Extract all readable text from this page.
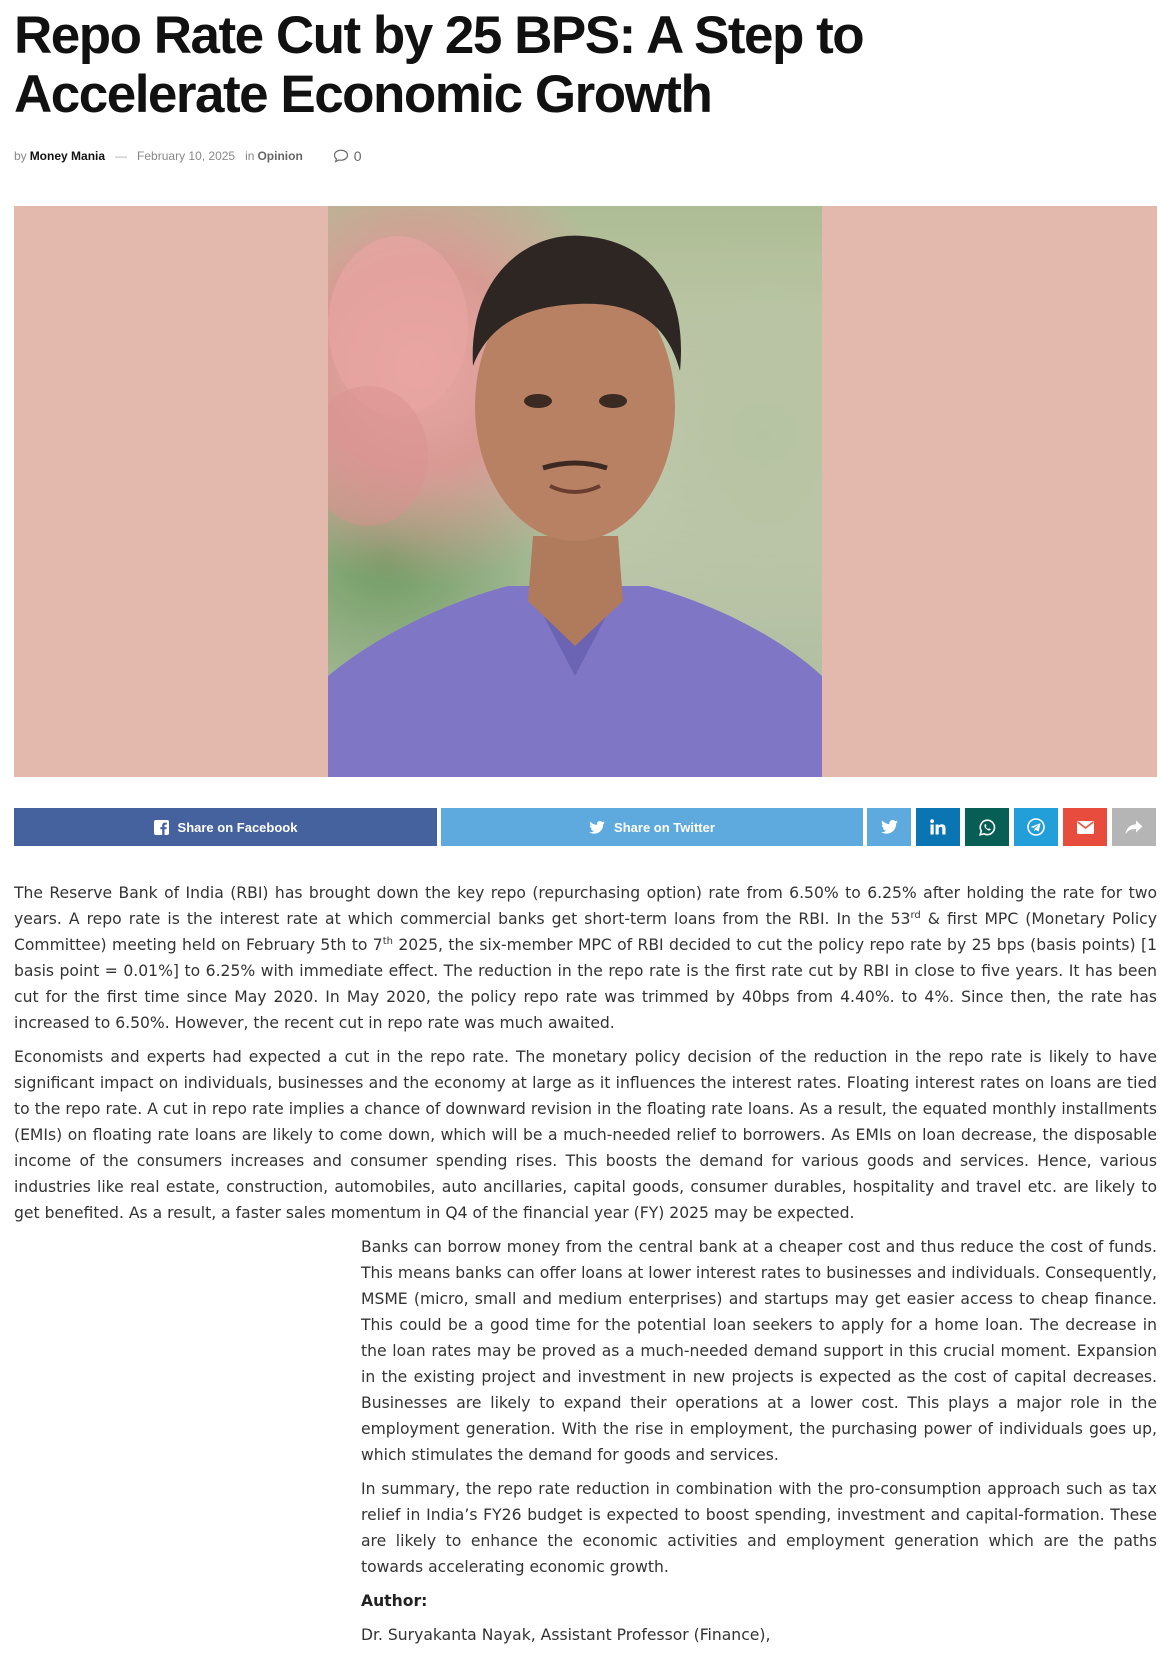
Repo Rate Cut by 25 BPS: A Step to Accelerate Economic Growth
by Money Mania — February 10, 2025 in Opinion	0
Share on Facebook	Share on Twitter

The Reserve Bank of India (RBI) has brought down the key repo (repurchasing option) rate from 6.50% to 6.25% after holding the rate for two years. A repo rate is the interest rate at which commercial banks get short-term loans from the RBI. In the 53rd & first MPC (Monetary Policy Committee) meeting held on February 5th to 7th 2025, the six-member MPC of RBI decided to cut the policy repo rate by 25 bps (basis points) [1 basis point = 0.01%] to 6.25% with immediate effect. The reduction in the repo rate is the first rate cut by RBI in close to five years. It has been cut for the first time since May 2020. In May 2020, the policy repo rate was trimmed by 40bps from 4.40%. to 4%. Since then, the rate has increased to 6.50%. However, the recent cut in repo rate was much awaited.

Economists and experts had expected a cut in the repo rate. The monetary policy decision of the reduction in the repo rate is likely to have significant impact on individuals, businesses and the economy at large as it influences the interest rates. Floating interest rates on loans are tied to the repo rate. A cut in repo rate implies a chance of downward revision in the floating rate loans. As a result, the equated monthly installments (EMIs) on floating rate loans are likely to come down, which will be a much-needed relief to borrowers. As EMIs on loan decrease, the disposable income of the consumers increases and consumer spending rises. This boosts the demand for various goods and services. Hence, various industries like real estate, construction, automobiles, auto ancillaries, capital goods, consumer durables, hospitality and travel etc. are likely to get benefited. As a result, a faster sales momentum in Q4 of the financial year (FY) 2025 may be expected.

Banks can borrow money from the central bank at a cheaper cost and thus reduce the cost of funds. This means banks can offer loans at lower interest rates to businesses and individuals. Consequently, MSME (micro, small and medium enterprises) and startups may get easier access to cheap finance. This could be a good time for the potential loan seekers to apply for a home loan. The decrease in the loan rates may be proved as a much-needed demand support in this crucial moment. Expansion in the existing project and investment in new projects is expected as the cost of capital decreases. Businesses are likely to expand their operations at a lower cost. This plays a major role in the employment generation. With the rise in employment, the purchasing power of individuals goes up, which stimulates the demand for goods and services.

In summary, the repo rate reduction in combination with the pro-consumption approach such as tax relief in India’s FY26 budget is expected to boost spending, investment and capital-formation. These are likely to enhance the economic activities and employment generation which are the paths towards accelerating economic growth.

Author:

Dr. Suryakanta Nayak, Assistant Professor (Finance),
